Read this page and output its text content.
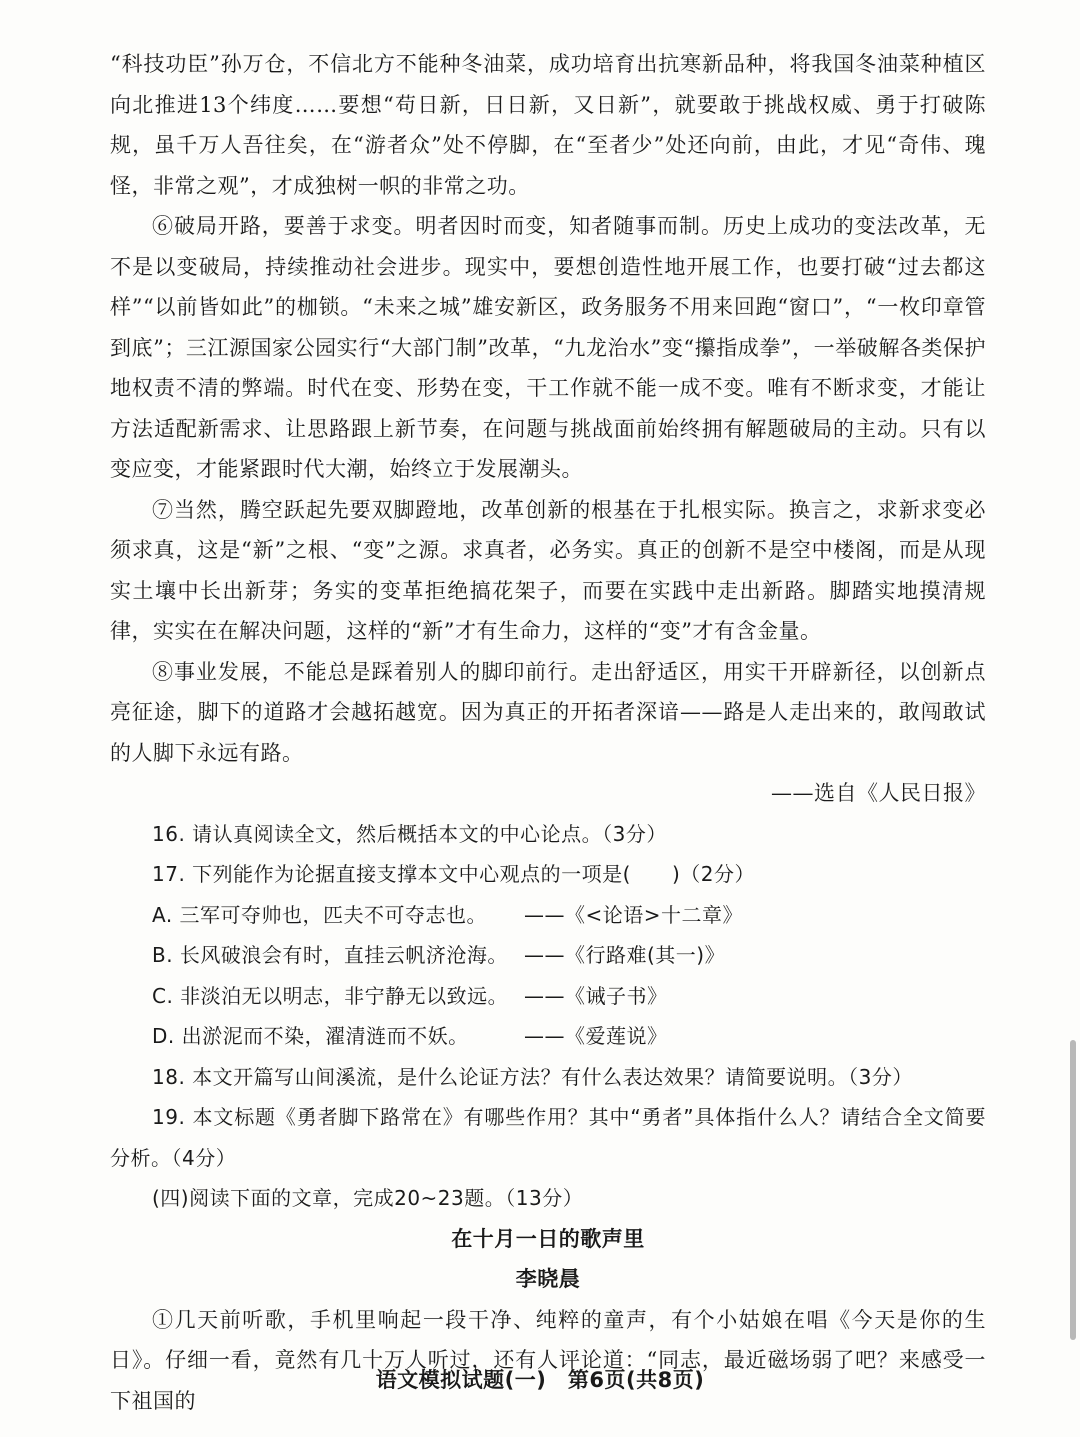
“科技功臣”孙万仓，不信北方不能种冬油菜，成功培育出抗寒新品种，将我国冬油菜种植区向北推进13个纬度……要想“苟日新，日日新，又日新”，就要敢于挑战权威、勇于打破陈规，虽千万人吾往矣，在“游者众”处不停脚，在“至者少”处还向前，由此，才见“奇伟、瑰怪，非常之观”，才成独树一帜的非常之功。

⑥破局开路，要善于求变。明者因时而变，知者随事而制。历史上成功的变法改革，无不是以变破局，持续推动社会进步。现实中，要想创造性地开展工作，也要打破“过去都这样”“以前皆如此”的枷锁。“未来之城”雄安新区，政务服务不用来回跑“窗口”，“一枚印章管到底”；三江源国家公园实行“大部门制”改革，“九龙治水”变“攥指成拳”，一举破解各类保护地权责不清的弊端。时代在变、形势在变，干工作就不能一成不变。唯有不断求变，才能让方法适配新需求、让思路跟上新节奏，在问题与挑战面前始终拥有解题破局的主动。只有以变应变，才能紧跟时代大潮，始终立于发展潮头。

⑦当然，腾空跃起先要双脚蹬地，改革创新的根基在于扎根实际。换言之，求新求变必须求真，这是“新”之根、“变”之源。求真者，必务实。真正的创新不是空中楼阁，而是从现实土壤中长出新芽；务实的变革拒绝搞花架子，而要在实践中走出新路。脚踏实地摸清规律，实实在在解决问题，这样的“新”才有生命力，这样的“变”才有含金量。

⑧事业发展，不能总是踩着别人的脚印前行。走出舒适区，用实干开辟新径，以创新点亮征途，脚下的道路才会越拓越宽。因为真正的开拓者深谙——路是人走出来的，敢闯敢试的人脚下永远有路。

——选自《人民日报》

16. 请认真阅读全文，然后概括本文的中心论点。（3分）

17. 下列能作为论据直接支撑本文中心观点的一项是(　　)（2分）

A. 三军可夺帅也，匹夫不可夺志也。	——《<论语>十二章》
B. 长风破浪会有时，直挂云帆济沧海。 ——《行路难(其一)》
C. 非淡泊无以明志，非宁静无以致远。 ——《诫子书》
D. 出淤泥而不染，濯清涟而不妖。	——《爱莲说》

18. 本文开篇写山间溪流，是什么论证方法？有什么表达效果？请简要说明。（3分）

19. 本文标题《勇者脚下路常在》有哪些作用？其中“勇者”具体指什么人？请结合全文简要分析。（4分）

(四)阅读下面的文章，完成20~23题。（13分）

在十月一日的歌声里

李晓晨

①几天前听歌，手机里响起一段干净、纯粹的童声，有个小姑娘在唱《今天是你的生日》。仔细一看，竟然有几十万人听过，还有人评论道：“同志，最近磁场弱了吧？来感受一下祖国的

语文模拟试题(一)　第6页(共8页)
